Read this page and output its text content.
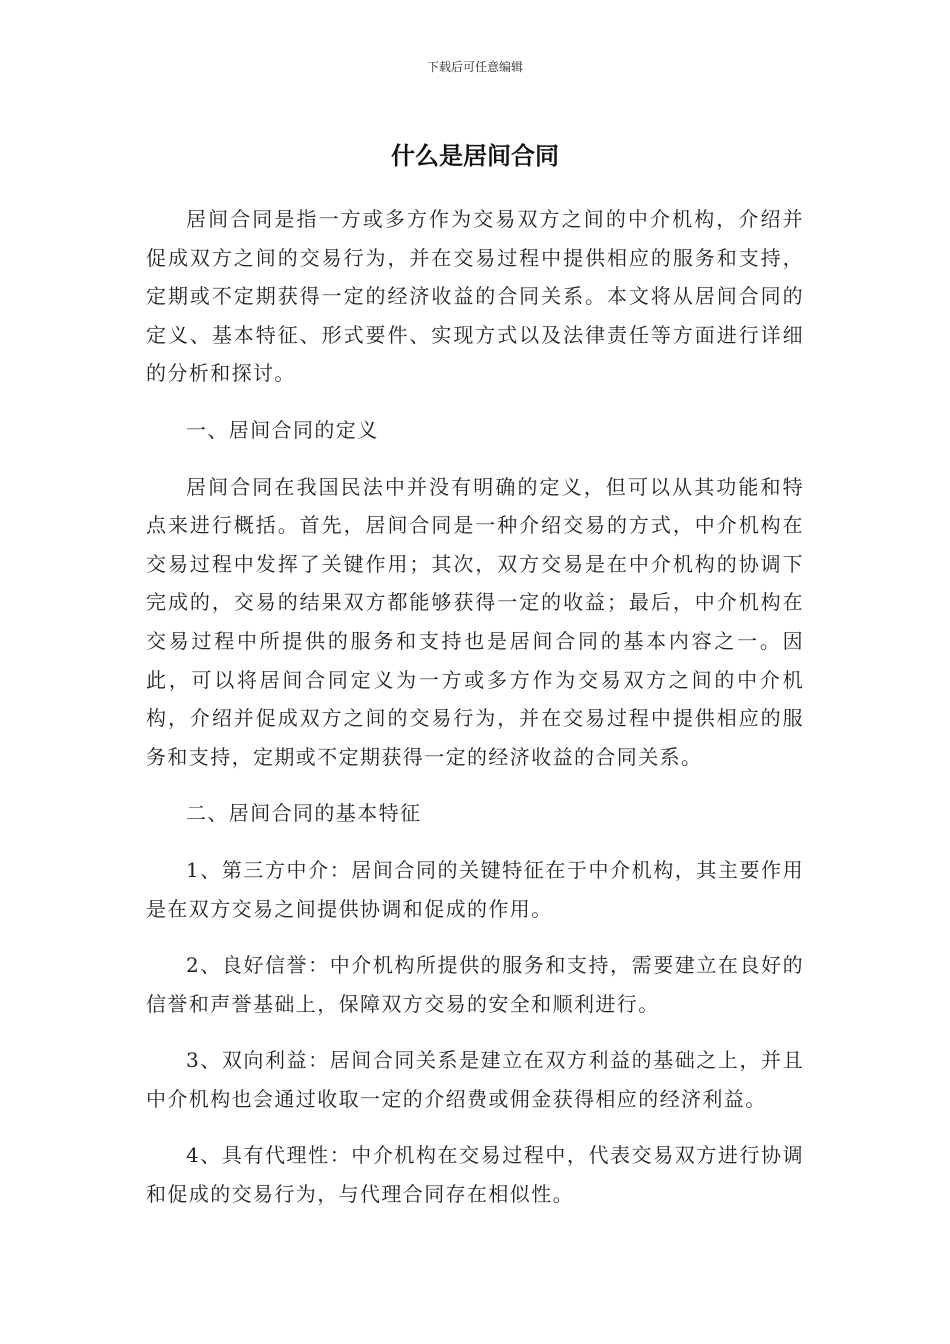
下载后可任意编辑
什么是居间合同

居间合同是指一方或多方作为交易双方之间的中介机构，介绍并促成双方之间的交易行为，并在交易过程中提供相应的服务和支持，定期或不定期获得一定的经济收益的合同关系。本文将从居间合同的定义、基本特征、形式要件、实现方式以及法律责任等方面进行详细的分析和探讨。

一、居间合同的定义

居间合同在我国民法中并没有明确的定义，但可以从其功能和特点来进行概括。首先，居间合同是一种介绍交易的方式，中介机构在交易过程中发挥了关键作用；其次，双方交易是在中介机构的协调下完成的，交易的结果双方都能够获得一定的收益；最后，中介机构在交易过程中所提供的服务和支持也是居间合同的基本内容之一。因此，可以将居间合同定义为一方或多方作为交易双方之间的中介机构，介绍并促成双方之间的交易行为，并在交易过程中提供相应的服务和支持，定期或不定期获得一定的经济收益的合同关系。

二、居间合同的基本特征

1、第三方中介：居间合同的关键特征在于中介机构，其主要作用是在双方交易之间提供协调和促成的作用。

2、良好信誉：中介机构所提供的服务和支持，需要建立在良好的信誉和声誉基础上，保障双方交易的安全和顺利进行。

3、双向利益：居间合同关系是建立在双方利益的基础之上，并且中介机构也会通过收取一定的介绍费或佣金获得相应的经济利益。

4、具有代理性：中介机构在交易过程中，代表交易双方进行协调和促成的交易行为，与代理合同存在相似性。
